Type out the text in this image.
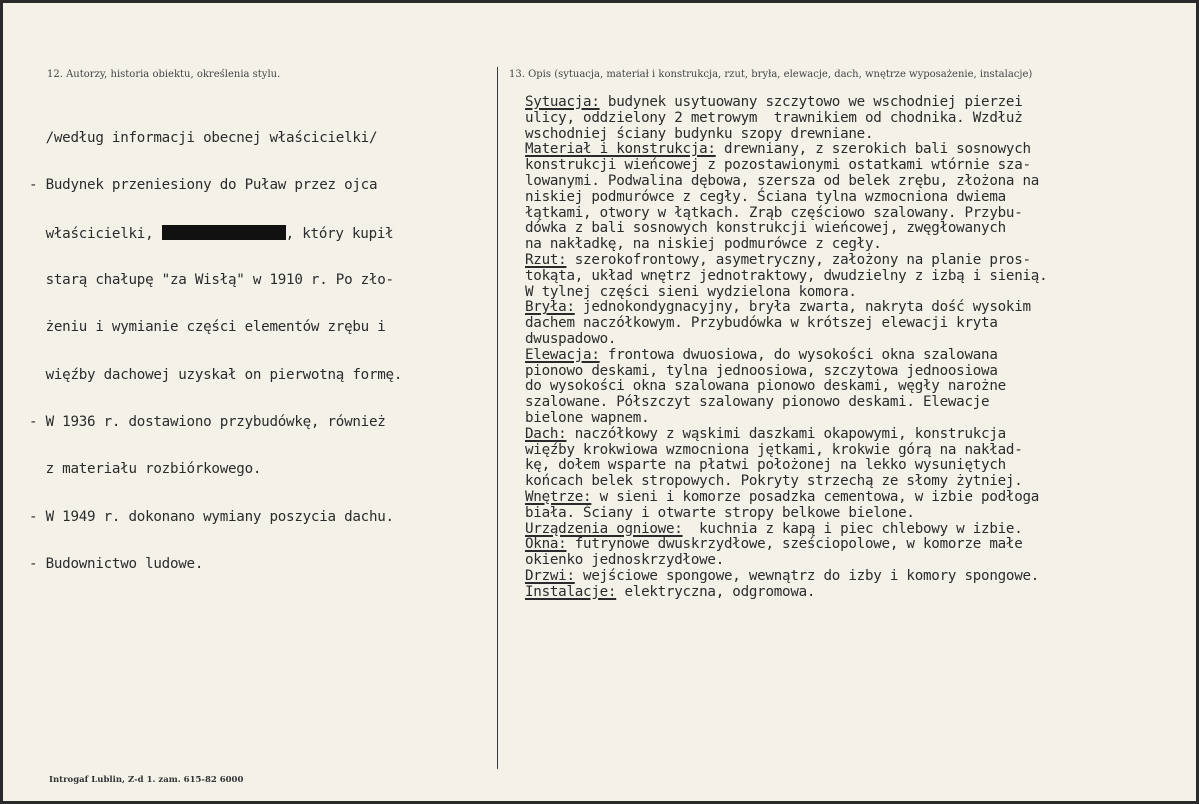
12. Autorzy, historia obiektu, określenia stylu.	13. Opis (sytuacja, materiał i konstrukcja, rzut, bryła, elewacje, dach, wnętrze wyposażenie, instalacje)

/według informacji obecnej właścicielki/

- Budynek przeniesiony do Puław przez ojca

właścicielki,	, który kupił

starą chałupę "za Wisłą" w 1910 r. Po zło-

żeniu i wymianie części elementów zrębu i

więźby dachowej uzyskał on pierwotną formę.

- W 1936 r. dostawiono przybudówkę, również

z materiału rozbiórkowego.

- W 1949 r. dokonano wymiany poszycia dachu.

- Budownictwo ludowe.

Sytuacja: budynek usytuowany szczytowo we wschodniej pierzei
ulicy, oddzielony 2 metrowym  trawnikiem od chodnika. Wzdłuż
wschodniej ściany budynku szopy drewniane.
Materiał i konstrukcja: drewniany, z szerokich bali sosnowych
konstrukcji wieńcowej z pozostawionymi ostatkami wtórnie sza-
lowanymi. Podwalina dębowa, szersza od belek zrębu, złożona na
niskiej podmurówce z cegły. Ściana tylna wzmocniona dwiema
łątkami, otwory w łątkach. Zrąb częściowo szalowany. Przybu-
dówka z bali sosnowych konstrukcji wieńcowej, zwęgłowanych
na nakładkę, na niskiej podmurówce z cegły.
Rzut: szerokofrontowy, asymetryczny, założony na planie pros-
tokąta, układ wnętrz jednotraktowy, dwudzielny z izbą i sienią.
W tylnej części sieni wydzielona komora.
Bryła: jednokondygnacyjny, bryła zwarta, nakryta dość wysokim
dachem naczółkowym. Przybudówka w krótszej elewacji kryta
dwuspadowo.
Elewacja: frontowa dwuosiowa, do wysokości okna szalowana
pionowo deskami, tylna jednoosiowa, szczytowa jednoosiowa
do wysokości okna szalowana pionowo deskami, węgły narożne
szalowane. Półszczyt szalowany pionowo deskami. Elewacje
bielone wapnem.
Dach: naczółkowy z wąskimi daszkami okapowymi, konstrukcja
więźby krokwiowa wzmocniona jętkami, krokwie górą na nakład-
kę, dołem wsparte na płatwi położonej na lekko wysuniętych
końcach belek stropowych. Pokryty strzechą ze słomy żytniej.
Wnętrze: w sieni i komorze posadzka cementowa, w izbie podłoga
biała. Ściany i otwarte stropy belkowe bielone.
Urządzenia ogniowe:  kuchnia z kapą i piec chlebowy w izbie.
Okna: futrynowe dwuskrzydłowe, sześciopolowe, w komorze małe
okienko jednoskrzydłowe.
Drzwi: wejściowe spongowe, wewnątrz do izby i komory spongowe.
Instalacje: elektryczna, odgromowa.
Introgaf Lublin, Z-d 1. zam. 615-82 6000
